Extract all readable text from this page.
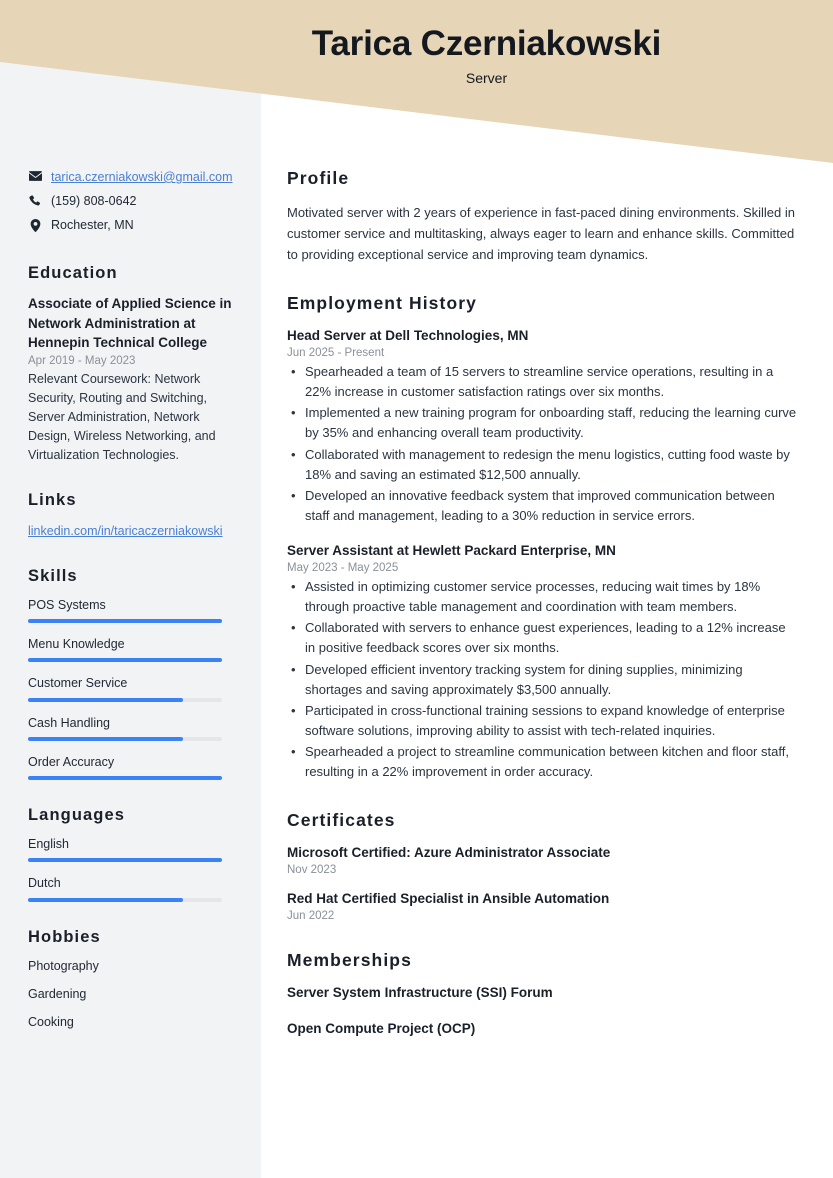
Tarica Czerniakowski
Server
tarica.czerniakowski@gmail.com
(159) 808-0642
Rochester, MN
Education
Associate of Applied Science in Network Administration at Hennepin Technical College
Apr 2019 - May 2023
Relevant Coursework: Network Security, Routing and Switching, Server Administration, Network Design, Wireless Networking, and Virtualization Technologies.
Links
linkedin.com/in/taricaczerniakowski
Skills
POS Systems
Menu Knowledge
Customer Service
Cash Handling
Order Accuracy
Languages
English
Dutch
Hobbies
Photography
Gardening
Cooking
Profile
Motivated server with 2 years of experience in fast-paced dining environments. Skilled in customer service and multitasking, always eager to learn and enhance skills. Committed to providing exceptional service and improving team dynamics.
Employment History
Head Server at Dell Technologies, MN
Jun 2025 - Present
• Spearheaded a team of 15 servers to streamline service operations, resulting in a 22% increase in customer satisfaction ratings over six months.
• Implemented a new training program for onboarding staff, reducing the learning curve by 35% and enhancing overall team productivity.
• Collaborated with management to redesign the menu logistics, cutting food waste by 18% and saving an estimated $12,500 annually.
• Developed an innovative feedback system that improved communication between staff and management, leading to a 30% reduction in service errors.
Server Assistant at Hewlett Packard Enterprise, MN
May 2023 - May 2025
• Assisted in optimizing customer service processes, reducing wait times by 18% through proactive table management and coordination with team members.
• Collaborated with servers to enhance guest experiences, leading to a 12% increase in positive feedback scores over six months.
• Developed efficient inventory tracking system for dining supplies, minimizing shortages and saving approximately $3,500 annually.
• Participated in cross-functional training sessions to expand knowledge of enterprise software solutions, improving ability to assist with tech-related inquiries.
• Spearheaded a project to streamline communication between kitchen and floor staff, resulting in a 22% improvement in order accuracy.
Certificates
Microsoft Certified: Azure Administrator Associate
Nov 2023
Red Hat Certified Specialist in Ansible Automation
Jun 2022
Memberships
Server System Infrastructure (SSI) Forum
Open Compute Project (OCP)
